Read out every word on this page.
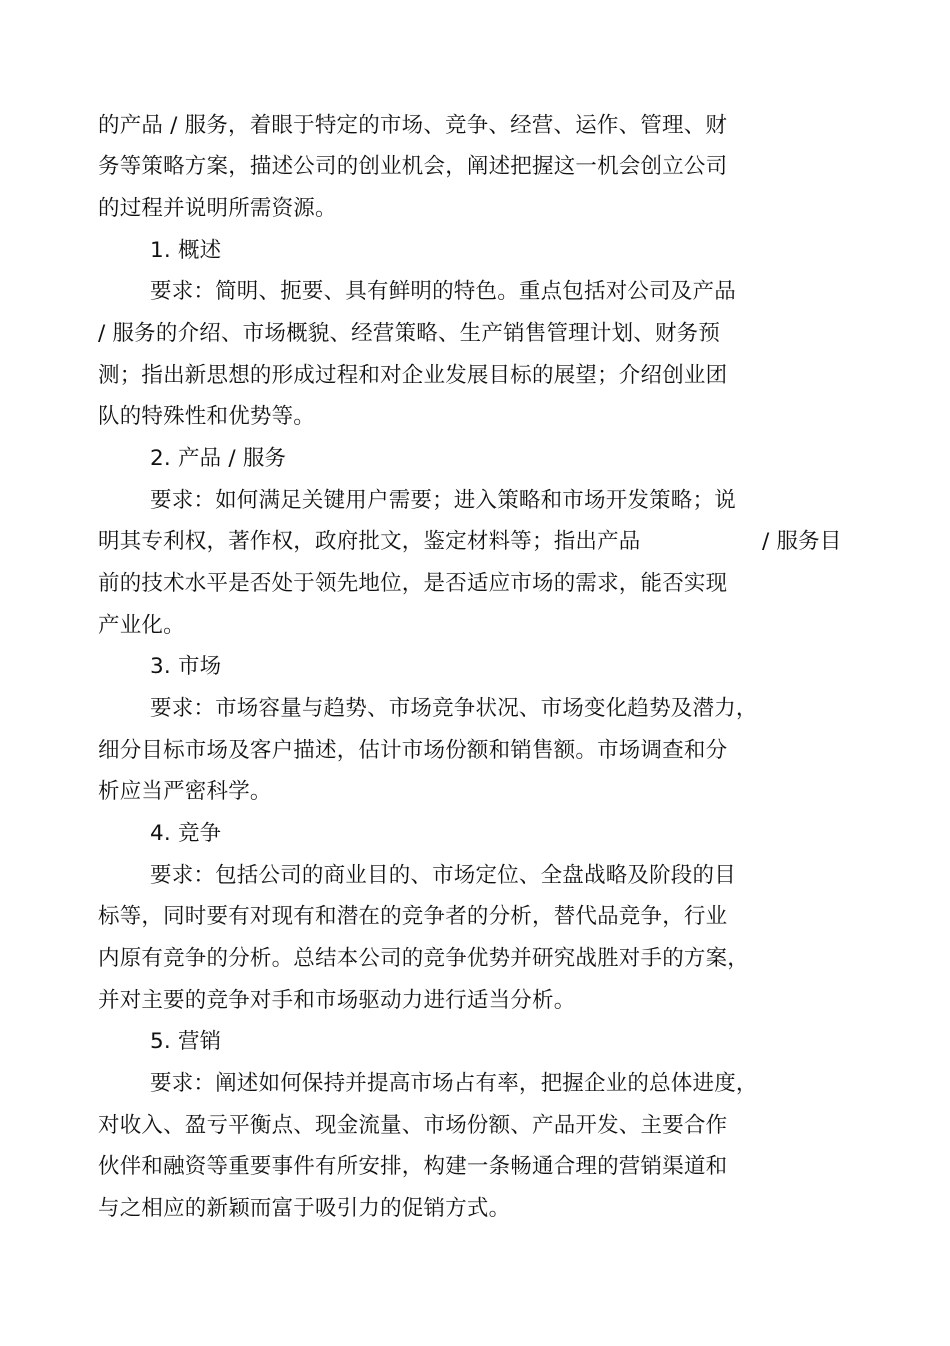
的产品 / 服务，着眼于特定的市场、竞争、经营、运作、管理、财
务等策略方案，描述公司的创业机会，阐述把握这一机会创立公司
的过程并说明所需资源。
1. 概述
要求：简明、扼要、具有鲜明的特色。重点包括对公司及产品
/ 服务的介绍、市场概貌、经营策略、生产销售管理计划、财务预
测；指出新思想的形成过程和对企业发展目标的展望；介绍创业团
队的特殊性和优势等。
2. 产品 / 服务
要求：如何满足关键用户需要；进入策略和市场开发策略；说
明其专利权，著作权，政府批文，鉴定材料等；指出产品	/ 服务目
前的技术水平是否处于领先地位，是否适应市场的需求，能否实现
产业化。
3. 市场
要求：市场容量与趋势、市场竞争状况、市场变化趋势及潜力，
细分目标市场及客户描述，估计市场份额和销售额。市场调查和分
析应当严密科学。
4. 竞争
要求：包括公司的商业目的、市场定位、全盘战略及阶段的目
标等，同时要有对现有和潜在的竞争者的分析，替代品竞争，行业
内原有竞争的分析。总结本公司的竞争优势并研究战胜对手的方案，
并对主要的竞争对手和市场驱动力进行适当分析。
5. 营销
要求：阐述如何保持并提高市场占有率，把握企业的总体进度，
对收入、盈亏平衡点、现金流量、市场份额、产品开发、主要合作
伙伴和融资等重要事件有所安排，构建一条畅通合理的营销渠道和
与之相应的新颖而富于吸引力的促销方式。
